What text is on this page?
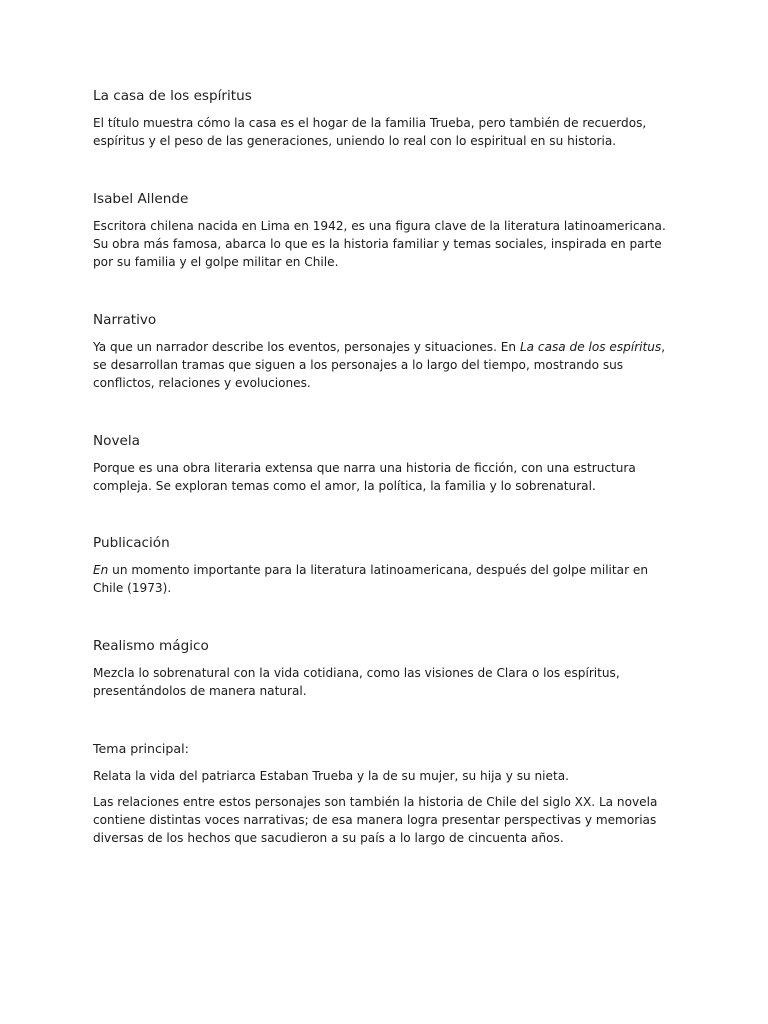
La casa de los espíritus

El título muestra cómo la casa es el hogar de la familia Trueba, pero también de recuerdos, espíritus y el peso de las generaciones, uniendo lo real con lo espiritual en su historia.

Isabel Allende

Escritora chilena nacida en Lima en 1942, es una figura clave de la literatura latinoamericana. Su obra más famosa, abarca lo que es la historia familiar y temas sociales, inspirada en parte por su familia y el golpe militar en Chile.

Narrativo

Ya que un narrador describe los eventos, personajes y situaciones. En La casa de los espíritus, se desarrollan tramas que siguen a los personajes a lo largo del tiempo, mostrando sus conflictos, relaciones y evoluciones.

Novela

Porque es una obra literaria extensa que narra una historia de ficción, con una estructura compleja. Se exploran temas como el amor, la política, la familia y lo sobrenatural.

Publicación

En un momento importante para la literatura latinoamericana, después del golpe militar en Chile (1973).

Realismo mágico

Mezcla lo sobrenatural con la vida cotidiana, como las visiones de Clara o los espíritus, presentándolos de manera natural.

Tema principal:

Relata la vida del patriarca Estaban Trueba y la de su mujer, su hija y su nieta.

Las relaciones entre estos personajes son también la historia de Chile del siglo XX. La novela contiene distintas voces narrativas; de esa manera logra presentar perspectivas y memorias diversas de los hechos que sacudieron a su país a lo largo de cincuenta años.
